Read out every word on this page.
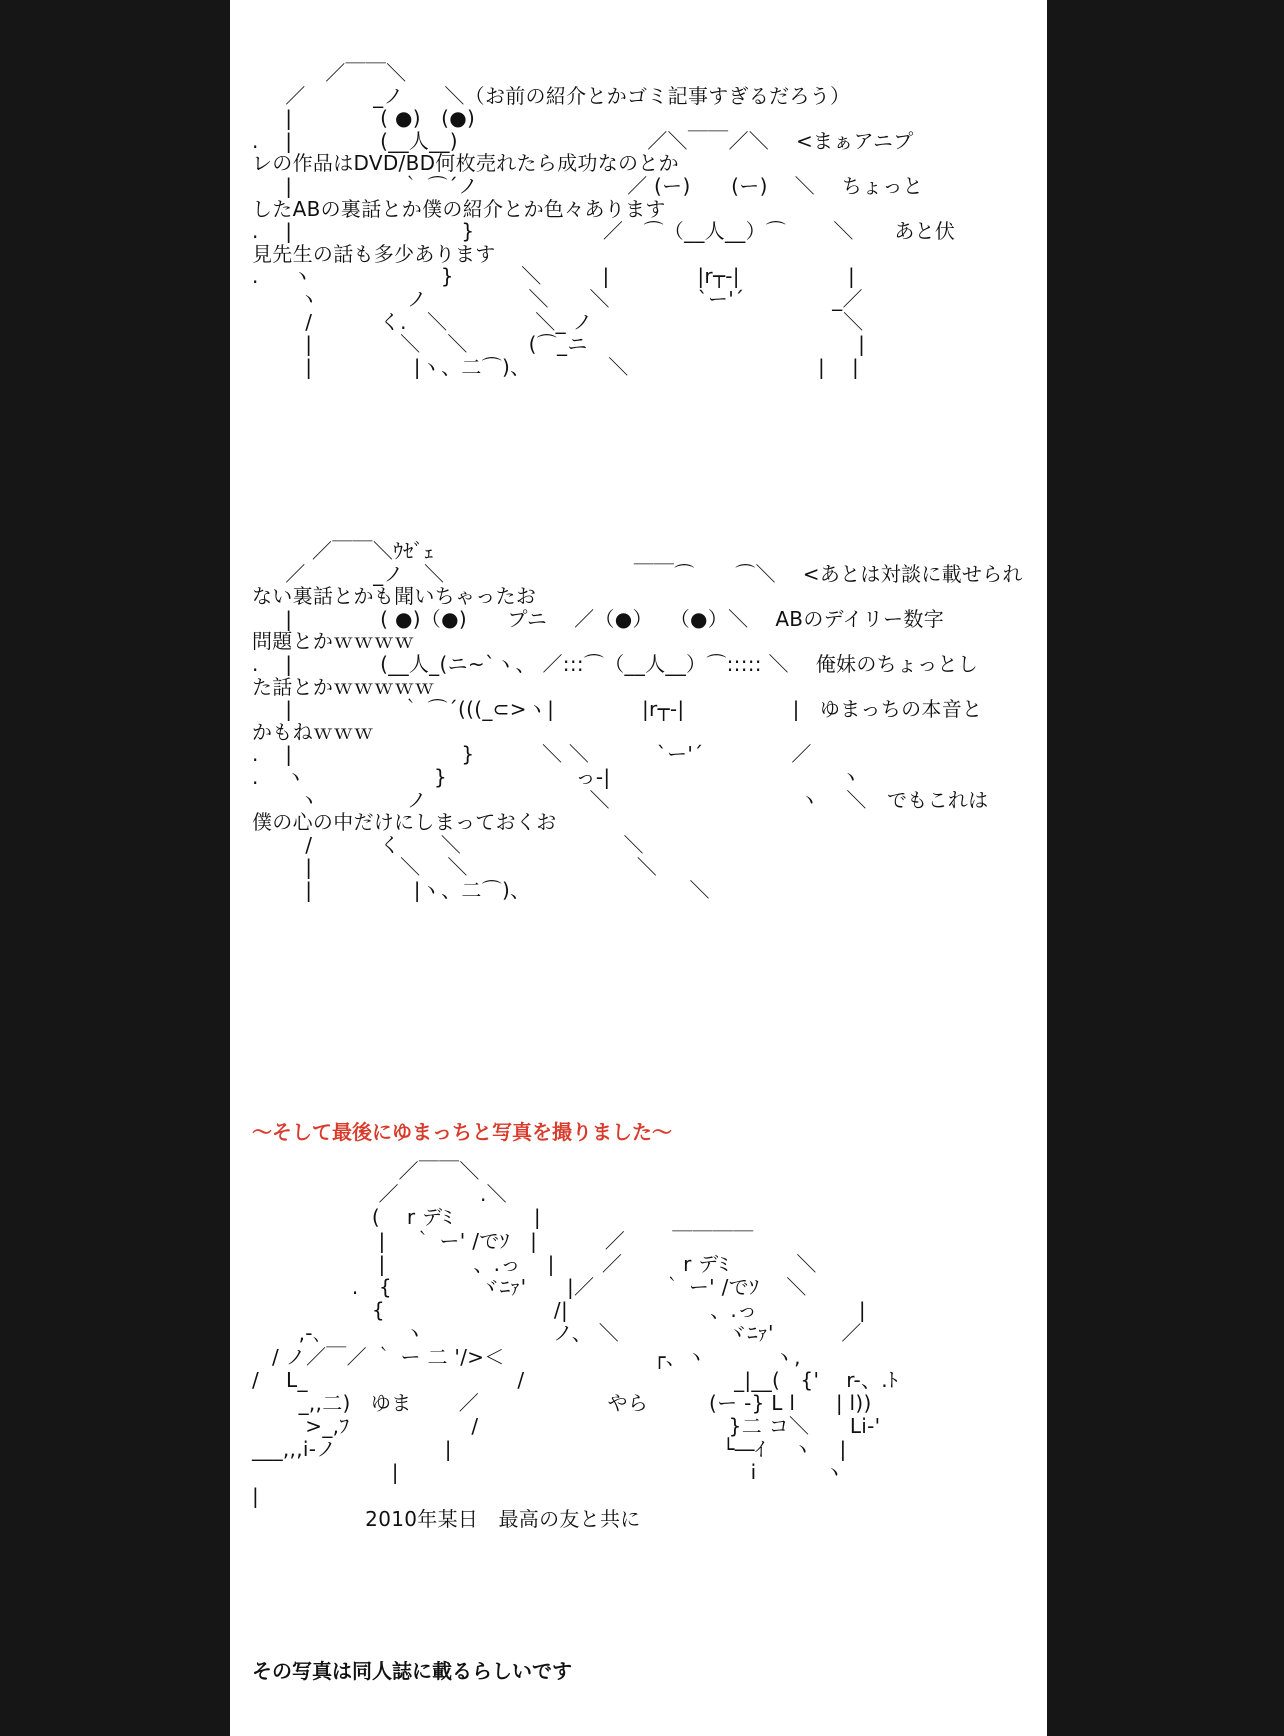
／￣￣＼
／　　　 _ノ　　＼（お前の紹介とかゴミ記事すぎるだろう）
|　　　　 ( ●)　(●)
.    |　　　　 (__人__)　　　　　　　　　 ／＼￣￣／＼　 <まぁアニプ
レの作品はDVD/BD何枚売れたら成功なのとか
|　　　　　 ｀ ⌒´ノ　　　　　　　 ／ (ー)　　(ー)　 ＼　 ちょっと
したABの裏話とか僕の紹介とか色々あります
.    |　　　　　　　　 }　　　　　　 ／　⌒（__人__）⌒　　 ＼　　あと伏
見先生の話も多少あります
.     ヽ　　　　　　 }　　　 ＼　　　|　　　　 |r┬-|　　　　　 |
ヽ　　　　 ノ　　　　　＼　　＼　　　　 `ー'´　　　　 _／
/　　　 く.　＼　　　　 ＼_ ノ　　　　　　　　　　　　 ＼
|　　　　 ＼　 ＼　　　(⌒_ニ　　　　　　　　　　　　　 |
|　　　　　|ヽ、二⌒)、　　　　 ＼　　　　　　　　　 |　 |
／￣￣＼ｳｾﾞｪ
／　　　 _ノ　＼　　　　　　　　　 ￣￣⌒　　⌒＼　 <あとは対談に載せられ
ない裏話とかも聞いちゃったお
|　　　　 ( ●)（●)　　プニ　 ／（●）　 （●）＼　 ABのデイリー数字
問題とかｗｗｗｗ
.    |　　　　 (__人_(ニ~`ヽ、 ／:::⌒（__人__）⌒::::: ＼　 俺妹のちょっとし
た話とかｗｗｗｗｗ
|　　　　　 ｀ ⌒´(((_⊂>ヽ|　　　　 |r┬-|　　　　　 |　ゆまっちの本音と
かもねｗｗｗ
.    |　　　　　　　　 }　　　 ＼ ＼　　　 `ー'´　　　　 ／
.    ヽ　　　　　　 }　　　　　　 っ-|　　　　　　　　　　　 ヽ
ヽ　　　　 ノ　　　　　　　　＼　　　　　　　　　 ヽ　 ＼　でもこれは
僕の心の中だけにしまっておくお
/　　　 く　　＼　　　　　　　　＼
|　　　　 ＼　 ＼　　　　　　　　 ＼
|　　　　　|ヽ、二⌒)、　　　　　　　　 ＼

〜そして最後にゆまっちと写真を撮りました〜

／￣￣＼
／　　　　.＼
(　 r デﾐ　　　　|
|　 ｀ ー' /でｿ　|　　　 ／　　 ￣￣￣￣
|　　　　 、.っ　 |　　 ／　　　r デﾐ　　　 ＼
.　{　　　　 ヾﾆｧ'　　|／　　　 ｀ ー' /でｿ　 ＼
{　　　　　　　　 /|　　　　　　　、.っ　　　　　|
,-､　　　　ヽ　　　　　　 ノ、 ＼　　　　　 ヾﾆｧ'　　　 ／
/ ノ／￣／ ｀ ー 二 '/>＜　　　　　　　 ┌、ヽ　　　 ヽ,
/　 L_　　　　　　　　　　 /　　　　　　　　　　 _|__(　{' 　r-、.ﾄ
_,,二)　ゆま　　 ／　　　　　　 やら　　　(ー -} L l　　| l))
>_,ﾌ　　　　　　/　　　　　　　　　　　　 }二 コ＼　　Li-'
___,,,i-ノ　　　　　 |　　　　　　　　　　　　　 └―ｲ　 ヽ　 |
|　　　　　　　　　　　　　　　　　 i　　　 ヽ
|
2010年某日　最高の友と共に

その写真は同人誌に載るらしいです
